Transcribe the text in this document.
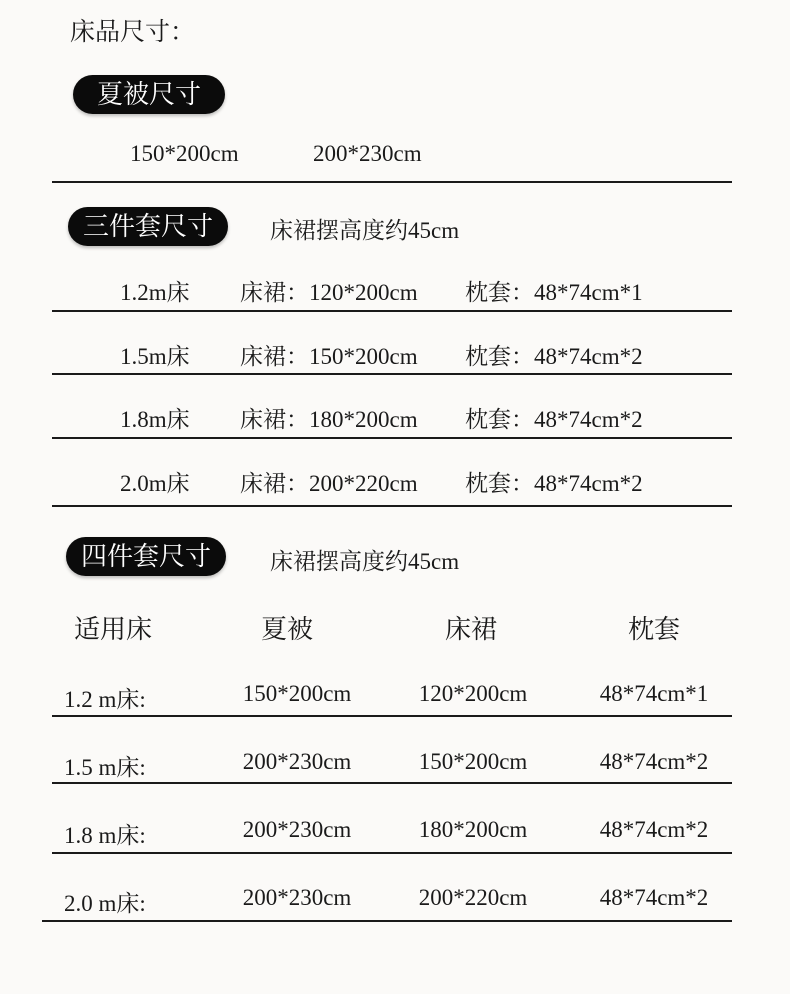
床品尺寸：
夏被尺寸
150*200cm	200*230cm
三件套尺寸	床裙摆高度约45cm
1.2m床 床裙：120*200cm 枕套：48*74cm*1
1.5m床 床裙：150*200cm 枕套：48*74cm*2
1.8m床 床裙：180*200cm 枕套：48*74cm*2
2.0m床 床裙：200*220cm 枕套：48*74cm*2
四件套尺寸	床裙摆高度约45cm
适用床	夏被	床裙	枕套
1.2 m床:	150*200cm	120*200cm	48*74cm*1
1.5 m床:	200*230cm	150*200cm	48*74cm*2
1.8 m床:	200*230cm	180*200cm	48*74cm*2
2.0 m床:	200*230cm	200*220cm	48*74cm*2
